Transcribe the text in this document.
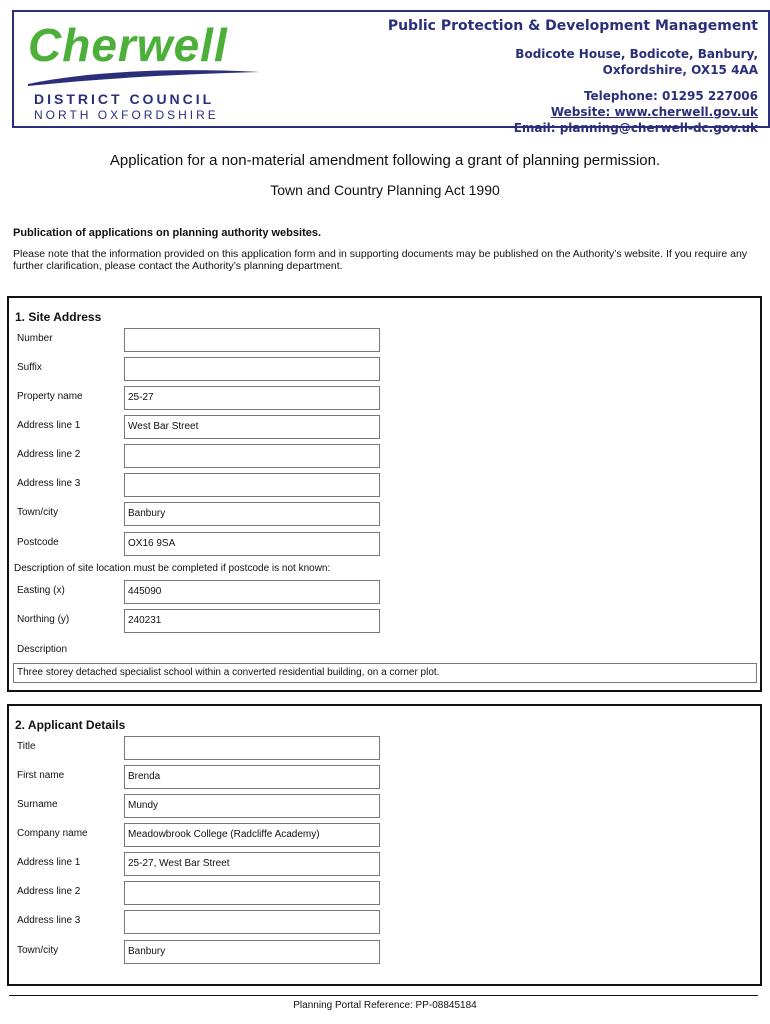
Cherwell
DISTRICT COUNCIL
NORTH OXFORDSHIRE
Public Protection & Development Management
Bodicote House, Bodicote, Banbury,
Oxfordshire, OX15 4AA
Telephone: 01295 227006
Website: www.cherwell.gov.uk
Email: planning@cherwell-dc.gov.uk
Application for a non-material amendment following a grant of planning permission.
Town and Country Planning Act 1990
Publication of applications on planning authority websites.
Please note that the information provided on this application form and in supporting documents may be published on the Authority’s website. If you require any further clarification, please contact the Authority’s planning department.
1. Site Address
Number
Suffix
Property name	25-27
Address line 1	West Bar Street
Address line 2
Address line 3
Town/city	Banbury
Postcode	OX16 9SA
Description of site location must be completed if postcode is not known:
Easting (x)	445090
Northing (y)	240231
Description
Three storey detached specialist school within a converted residential building, on a corner plot.
2. Applicant Details
Title
First name	Brenda
Surname	Mundy
Company name	Meadowbrook College (Radcliffe Academy)
Address line 1	25-27, West Bar Street
Address line 2
Address line 3
Town/city	Banbury
Planning Portal Reference: PP-08845184
